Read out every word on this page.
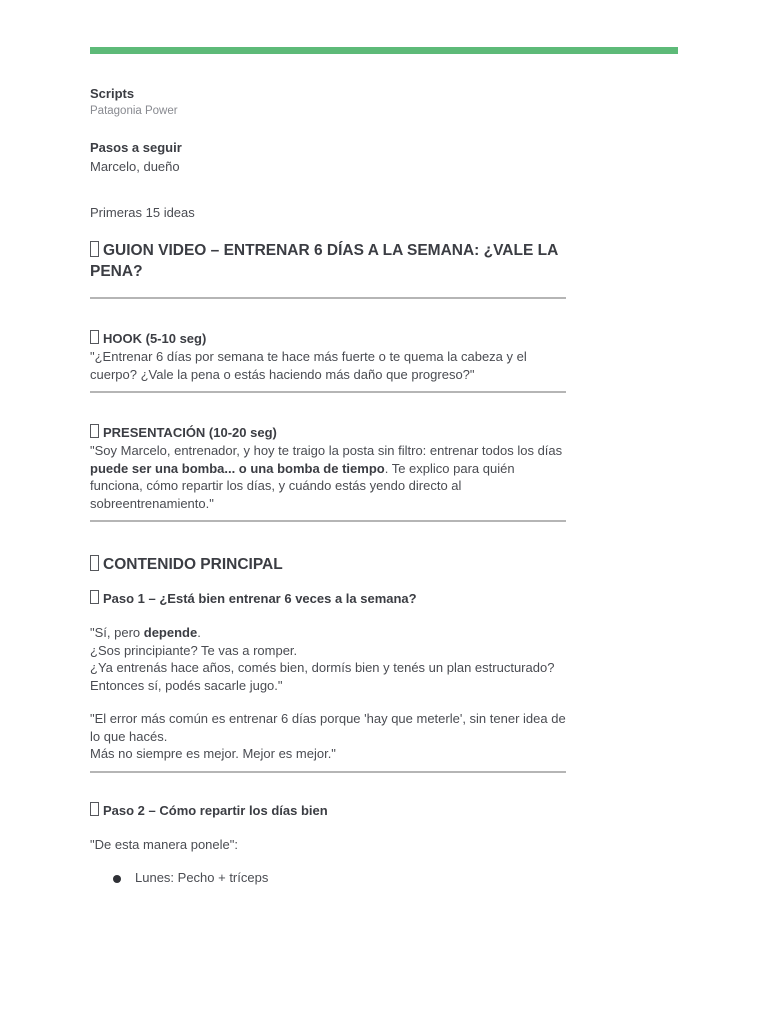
Scripts

Patagonia Power

Pasos a seguir

Marcelo, dueño

Primeras 15 ideas

GUION VIDEO – ENTRENAR 6 DÍAS A LA SEMANA: ¿VALE LA PENA?
HOOK (5-10 seg)

"¿Entrenar 6 días por semana te hace más fuerte o te quema la cabeza y el cuerpo? ¿Vale la pena o estás haciendo más daño que progreso?"

PRESENTACIÓN (10-20 seg)

"Soy Marcelo, entrenador, y hoy te traigo la posta sin filtro: entrenar todos los días puede ser una bomba... o una bomba de tiempo. Te explico para quién funciona, cómo repartir los días, y cuándo estás yendo directo al sobreentrenamiento."

CONTENIDO PRINCIPAL
Paso 1 – ¿Está bien entrenar 6 veces a la semana?

"Sí, pero depende.
¿Sos principiante? Te vas a romper.
¿Ya entrenás hace años, comés bien, dormís bien y tenés un plan estructurado? Entonces sí, podés sacarle jugo."

"El error más común es entrenar 6 días porque 'hay que meterle', sin tener idea de lo que hacés.
Más no siempre es mejor. Mejor es mejor."

Paso 2 – Cómo repartir los días bien

"De esta manera ponele":

Lunes: Pecho + tríceps
